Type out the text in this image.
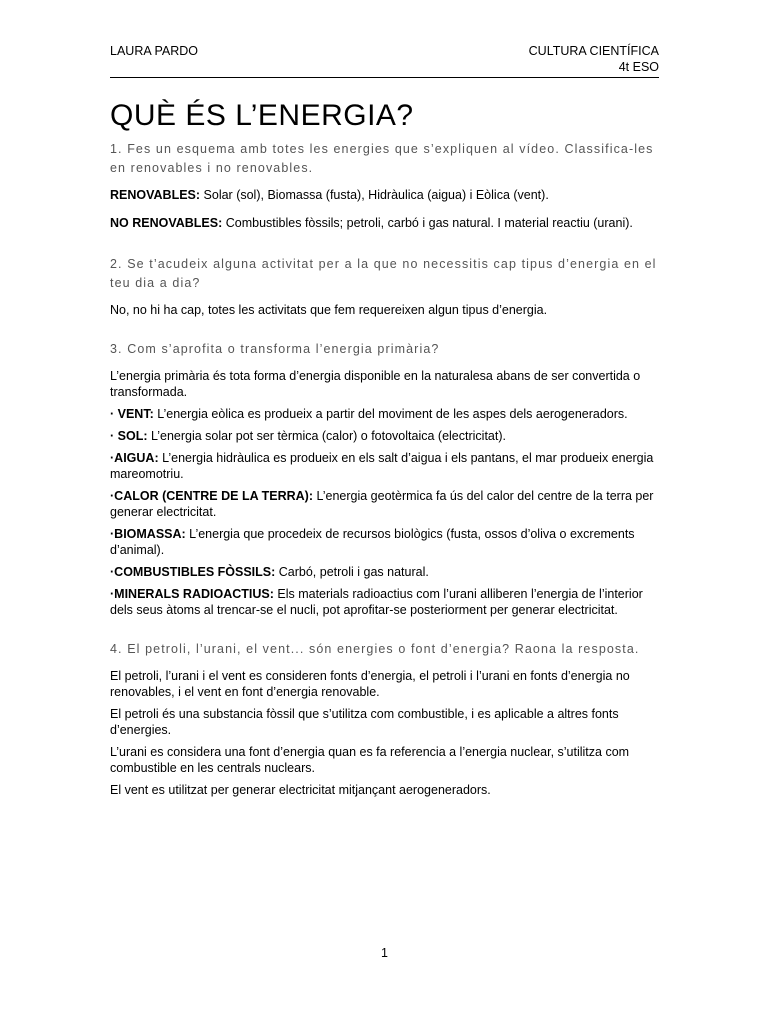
LAURA PARDO	CULTURA CIENTÍFICA
4t ESO
QUÈ ÉS L’ENERGIA?

1. Fes un esquema amb totes les energies que s’expliquen al vídeo. Classifica-les en renovables i no renovables.

RENOVABLES: Solar (sol), Biomassa (fusta), Hidràulica (aigua) i Eòlica (vent).

NO RENOVABLES: Combustibles fòssils; petroli, carbó i gas natural. I material reactiu (urani).

2. Se t’acudeix alguna activitat per a la que no necessitis cap tipus d’energia en el teu dia a dia?

No, no hi ha cap, totes les activitats que fem requereixen algun tipus d’energia.

3. Com s’aprofita o transforma l’energia primària?

L’energia primària és tota forma d’energia disponible en la naturalesa abans de ser convertida o transformada.

· VENT: L’energia eòlica es produeix a partir del moviment de les aspes dels aerogeneradors.

· SOL: L’energia solar pot ser tèrmica (calor) o fotovoltaica (electricitat).

·AIGUA: L’energia hidràulica es produeix en els salt d’aigua i els pantans, el mar produeix energia mareomotriu.

·CALOR (CENTRE DE LA TERRA): L’energia geotèrmica fa ús del calor del centre de la terra per generar electricitat.

·BIOMASSA: L’energia que procedeix de recursos biològics (fusta, ossos d’oliva o excrements d’animal).

·COMBUSTIBLES FÒSSILS: Carbó, petroli i gas natural.

·MINERALS RADIOACTIUS: Els materials radioactius com l’urani alliberen l’energia de l’interior dels seus àtoms al trencar-se el nucli, pot aprofitar-se posteriorment per generar electricitat.

4. El petroli, l’urani, el vent... són energies o font d’energia? Raona la resposta.

El petroli, l’urani i el vent es consideren fonts d’energia, el petroli i l’urani en fonts d’energia no renovables, i el vent en font d’energia renovable.

El petroli és una substancia fòssil que s’utilitza com combustible, i es aplicable a altres fonts d’energies.

L’urani es considera una font d’energia quan es fa referencia a l’energia nuclear, s’utilitza com combustible en les centrals nuclears.

El vent es utilitzat per generar electricitat mitjançant aerogeneradors.

1
